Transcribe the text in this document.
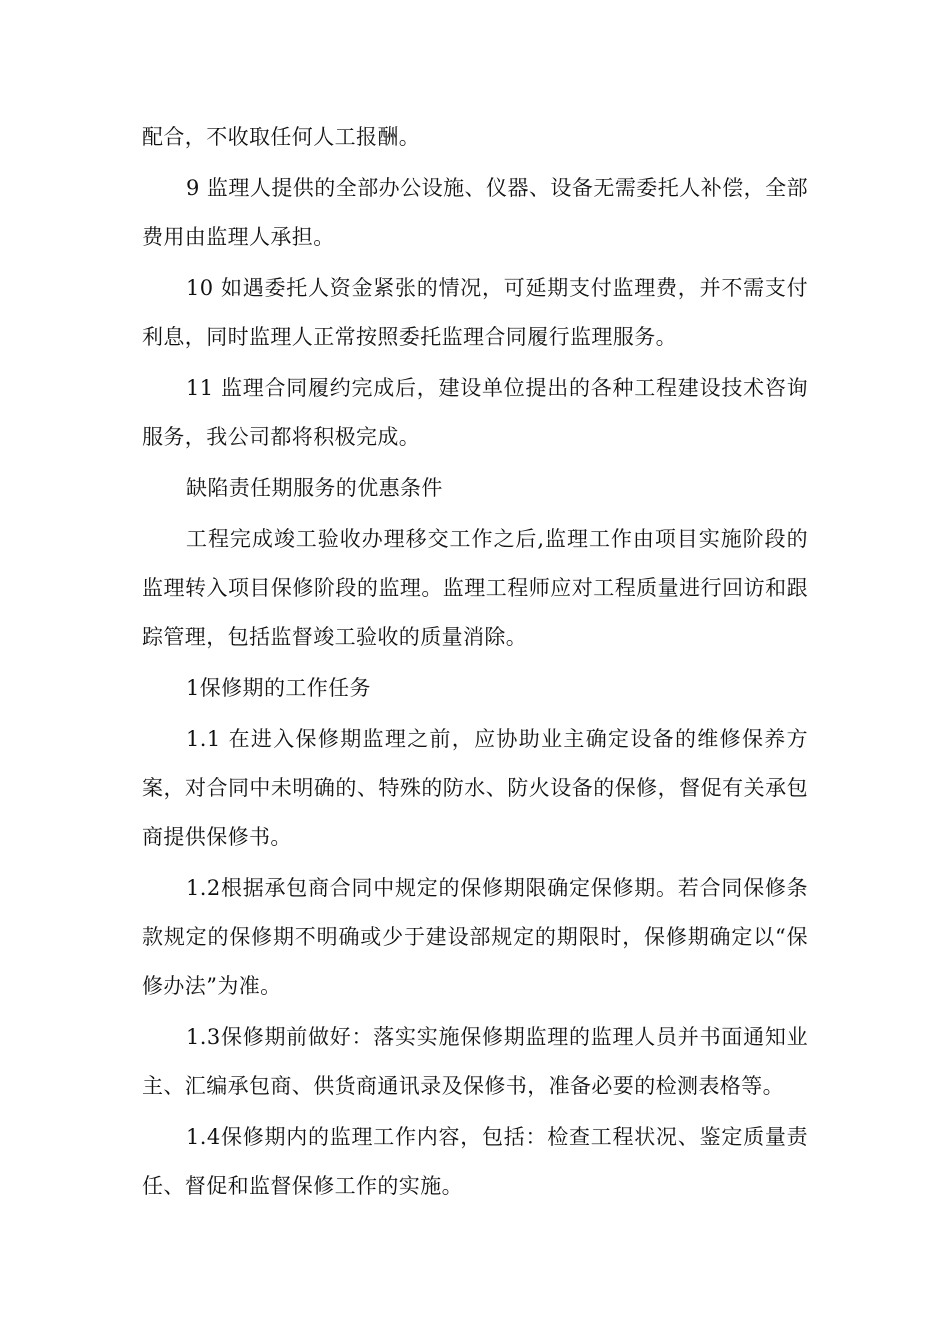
配合，不收取任何人工报酬。

9 监理人提供的全部办公设施、仪器、设备无需委托人补偿，全部费用由监理人承担。

10 如遇委托人资金紧张的情况，可延期支付监理费，并不需支付利息，同时监理人正常按照委托监理合同履行监理服务。

11 监理合同履约完成后，建设单位提出的各种工程建设技术咨询服务，我公司都将积极完成。

缺陷责任期服务的优惠条件

工程完成竣工验收办理移交工作之后,监理工作由项目实施阶段的监理转入项目保修阶段的监理。监理工程师应对工程质量进行回访和跟踪管理，包括监督竣工验收的质量消除。

1保修期的工作任务

1.1 在进入保修期监理之前，应协助业主确定设备的维修保养方案，对合同中未明确的、特殊的防水、防火设备的保修，督促有关承包商提供保修书。

1.2根据承包商合同中规定的保修期限确定保修期。若合同保修条款规定的保修期不明确或少于建设部规定的期限时，保修期确定以“保修办法”为准。

1.3保修期前做好：落实实施保修期监理的监理人员并书面通知业主、汇编承包商、供货商通讯录及保修书，准备必要的检测表格等。

1.4保修期内的监理工作内容，包括：检查工程状况、鉴定质量责任、督促和监督保修工作的实施。
